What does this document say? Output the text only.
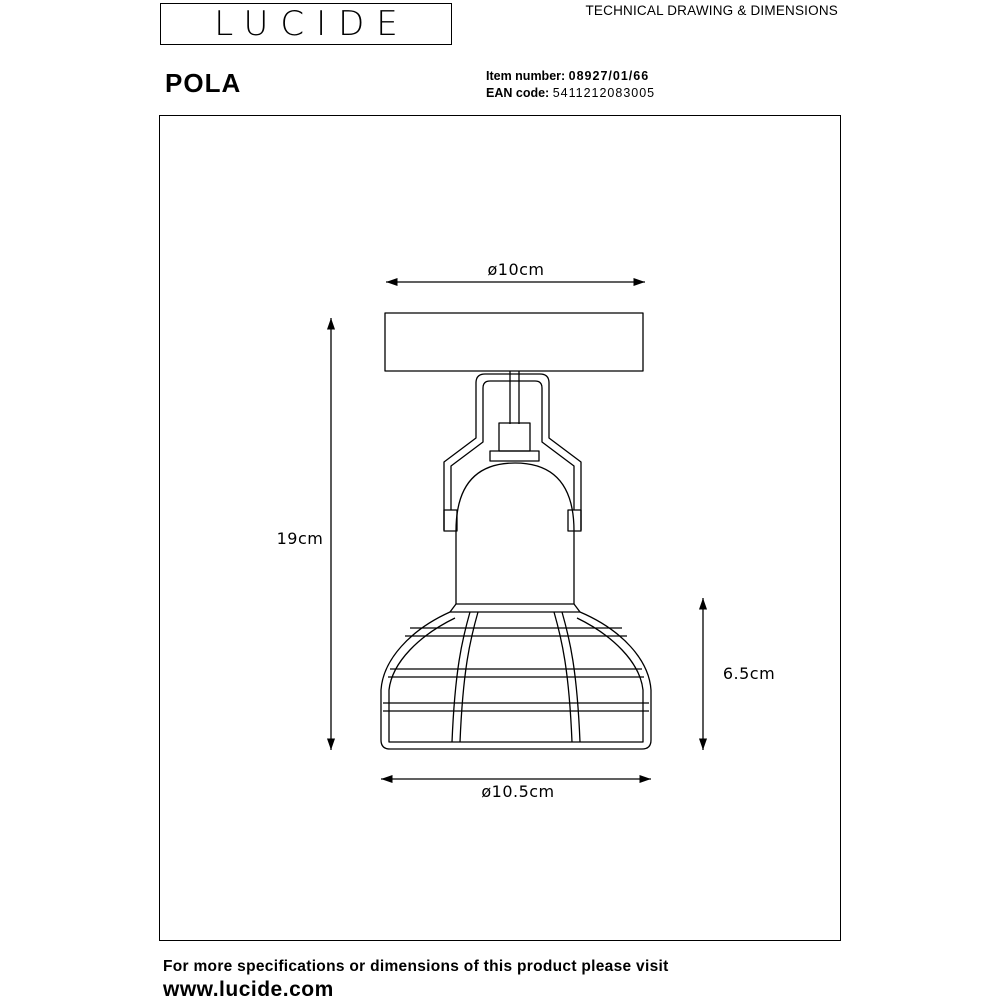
LUCIDE	TECHNICAL DRAWING & DIMENSIONS
POLA	Item number: 08927/01/66
EAN code: 5411212083005
ø10cm
19cm
6.5cm
ø10.5cm
For more specifications or dimensions of this product please visit
www.lucide.com
